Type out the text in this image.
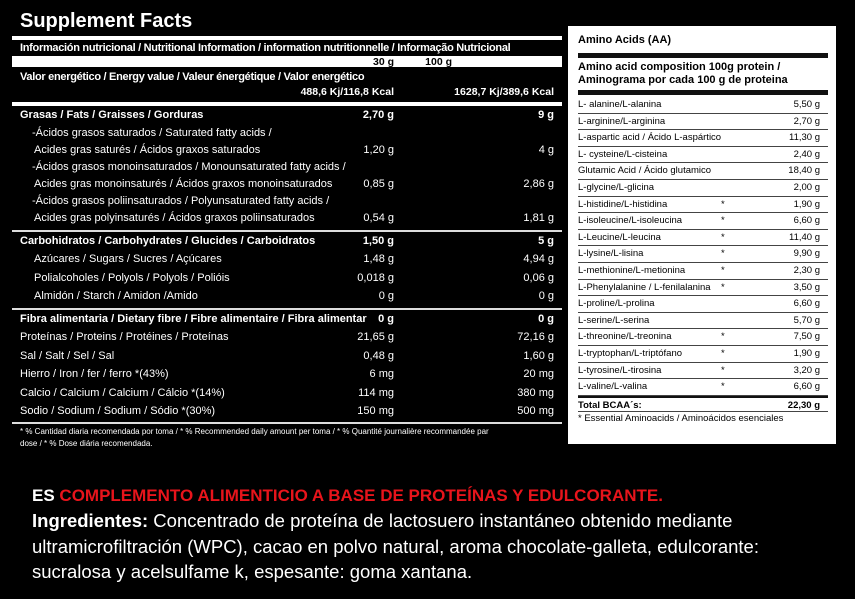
Supplement Facts
Información nutricional / Nutritional Information / information nutritionnelle / Informação Nutricional
30 g	100 g
Valor energético / Energy value / Valeur énergétique / Valor energético
488,6 Kj/116,8 Kcal	1628,7 Kj/389,6 Kcal
Grasas / Fats / Graisses / Gorduras	2,70 g	9 g
-Ácidos grasos saturados / Saturated fatty acids /
Acides gras saturés / Ácidos graxos saturados	1,20 g	4 g
-Ácidos grasos monoinsaturados / Monounsaturated fatty acids /
Acides gras monoinsaturés / Ácidos graxos monoinsaturados	0,85 g	2,86 g
-Ácidos grasos poliinsaturados / Polyunsaturated fatty acids /
Acides gras polyinsaturés / Ácidos graxos poliinsaturados	0,54 g	1,81 g
Carbohidratos / Carbohydrates / Glucides / Carboidratos	1,50 g	5 g
Azúcares / Sugars / Sucres / Açúcares	1,48 g	4,94 g
Polialcoholes / Polyols / Polyols / Polióis	0,018 g	0,06 g
Almidón / Starch / Amidon /Amido	0 g	0 g
Fibra alimentaria / Dietary fibre / Fibre alimentaire / Fibra alimentar 0 g	0 g
Proteínas / Proteins / Protéines / Proteínas	21,65 g	72,16 g
Sal / Salt / Sel / Sal	0,48 g	1,60 g
Hierro / Iron / fer / ferro *(43%)	6 mg	20 mg
Calcio / Calcium / Calcium / Cálcio *(14%)	114 mg	380 mg
Sodio / Sodium / Sodium / Sódio *(30%)	150 mg	500 mg
* % Cantidad diaria recomendada por toma / * % Recommended daily amount per toma / * % Quantité journalière recommandée par
dose / * % Dose diária recomendada.
Amino Acids (AA)
Amino acid composition 100g protein /
Aminograma por cada 100 g de proteina
L- alanine/L-alanina	5,50 g
L-arginine/L-arginina	2,70 g
L-aspartic acid / Ácido L-aspártico	11,30 g
L- cysteine/L-cisteina	2,40 g
Glutamic Acid / Ácido glutamico	18,40 g
L-glycine/L-glicina	2,00 g
L-histidine/L-histidina	*	1,90 g
L-isoleucine/L-isoleucina	*	6,60 g
L-Leucine/L-leucina	*	11,40 g
L-lysine/L-lisina	*	9,90 g
L-methionine/L-metionina	*	2,30 g
L-Phenylalanine / L-fenilalanina *	3,50 g
L-proline/L-prolina	6,60 g
L-serine/L-serina	5,70 g
L-threonine/L-treonina	*	7,50 g
L-tryptophan/L-triptófano	*	1,90 g
L-tyrosine/L-tirosina	*	3,20 g
L-valine/L-valina	*	6,60 g
Total BCAA´s:	22,30 g
* Essential Aminoacids / Aminoácidos esenciales
ES COMPLEMENTO ALIMENTICIO A BASE DE PROTEÍNAS Y EDULCORANTE.
Ingredientes: Concentrado de proteína de lactosuero instantáneo obtenido mediante ultramicrofiltración (WPC), cacao en polvo natural, aroma chocolate-galleta, edulcorante: sucralosa y acelsulfame k, espesante: goma xantana.
